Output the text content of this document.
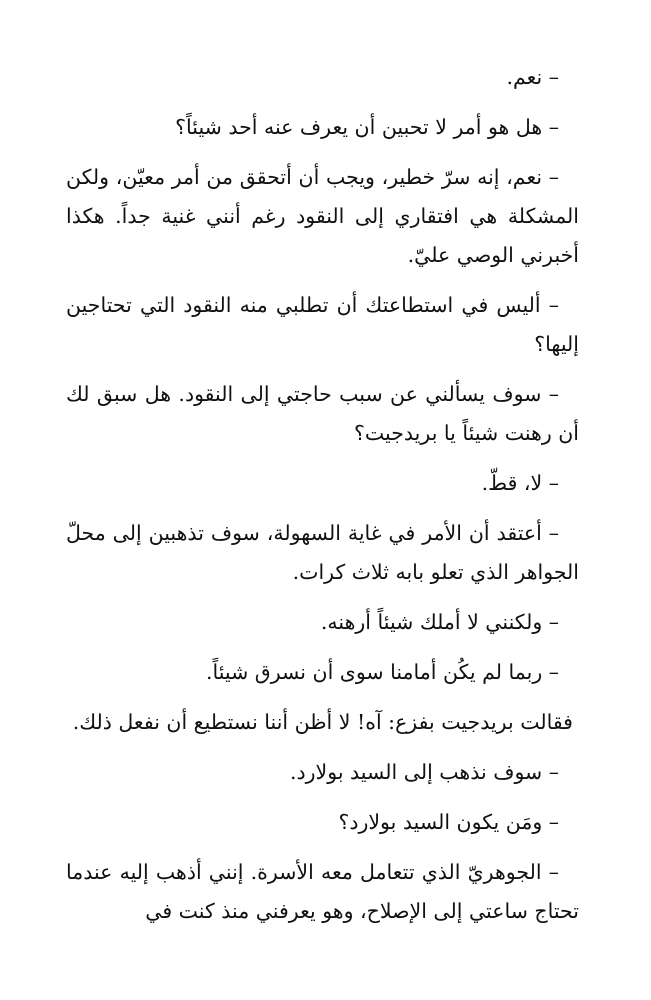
– نعم.

– هل هو أمر لا تحبين أن يعرف عنه أحد شيئاً؟

– نعم، إنه سرّ خطير، ويجب أن أتحقق من أمر معيّن، ولكن المشكلة هي افتقاري إلى النقود رغم أنني غنية جداً. هكذا أخبرني الوصي عليّ.

– أليس في استطاعتك أن تطلبي منه النقود التي تحتاجين إليها؟

– سوف يسألني عن سبب حاجتي إلى النقود. هل سبق لك أن رهنت شيئاً يا بريدجيت؟

– لا، قطّ.

– أعتقد أن الأمر في غاية السهولة، سوف تذهبين إلى محلّ الجواهر الذي تعلو بابه ثلاث كرات.

– ولكنني لا أملك شيئاً أرهنه.

– ربما لم يكُن أمامنا سوى أن نسرق شيئاً.

فقالت بريدجيت بفزع: آه! لا أظن أننا نستطيع أن نفعل ذلك.

– سوف نذهب إلى السيد بولارد.

– ومَن يكون السيد بولارد؟

– الجوهريّ الذي تتعامل معه الأسرة. إنني أذهب إليه عندما تحتاج ساعتي إلى الإصلاح، وهو يعرفني منذ كنت في
